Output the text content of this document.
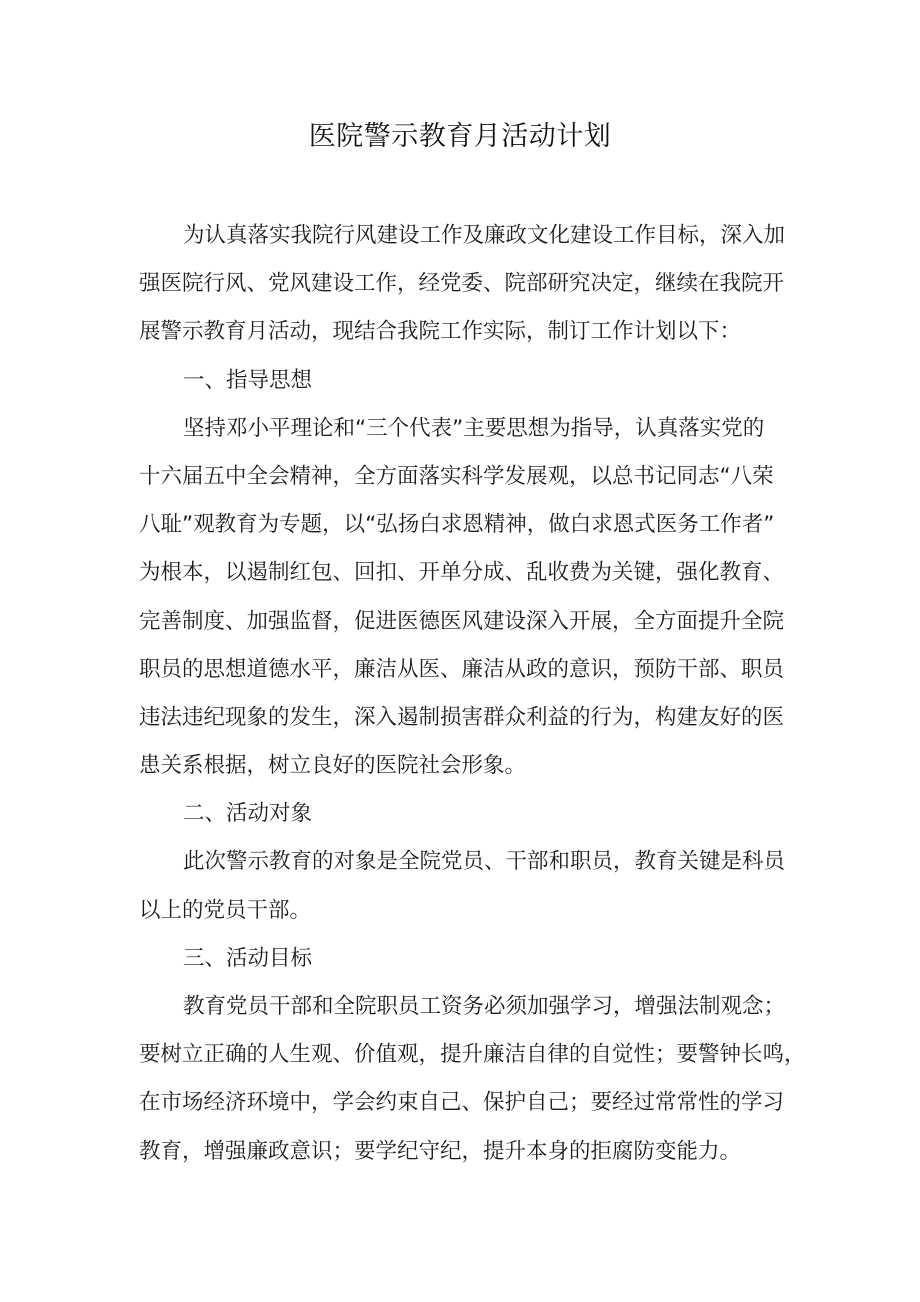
医院警示教育月活动计划
为认真落实我院行风建设工作及廉政文化建设工作目标，深入加
强医院行风、党风建设工作，经党委、院部研究决定，继续在我院开
展警示教育月活动，现结合我院工作实际，制订工作计划以下：
一、指导思想
坚持邓小平理论和“三个代表”主要思想为指导，认真落实党的
十六届五中全会精神，全方面落实科学发展观，以总书记同志“八荣
八耻”观教育为专题，以“弘扬白求恩精神，做白求恩式医务工作者”
为根本，以遏制红包、回扣、开单分成、乱收费为关键，强化教育、
完善制度、加强监督，促进医德医风建设深入开展，全方面提升全院
职员的思想道德水平，廉洁从医、廉洁从政的意识，预防干部、职员
违法违纪现象的发生，深入遏制损害群众利益的行为，构建友好的医
患关系根据，树立良好的医院社会形象。
二、活动对象
此次警示教育的对象是全院党员、干部和职员，教育关键是科员
以上的党员干部。
三、活动目标
教育党员干部和全院职员工资务必须加强学习，增强法制观念；
要树立正确的人生观、价值观，提升廉洁自律的自觉性；要警钟长鸣，
在市场经济环境中，学会约束自己、保护自己；要经过常常性的学习
教育，增强廉政意识；要学纪守纪，提升本身的拒腐防变能力。
